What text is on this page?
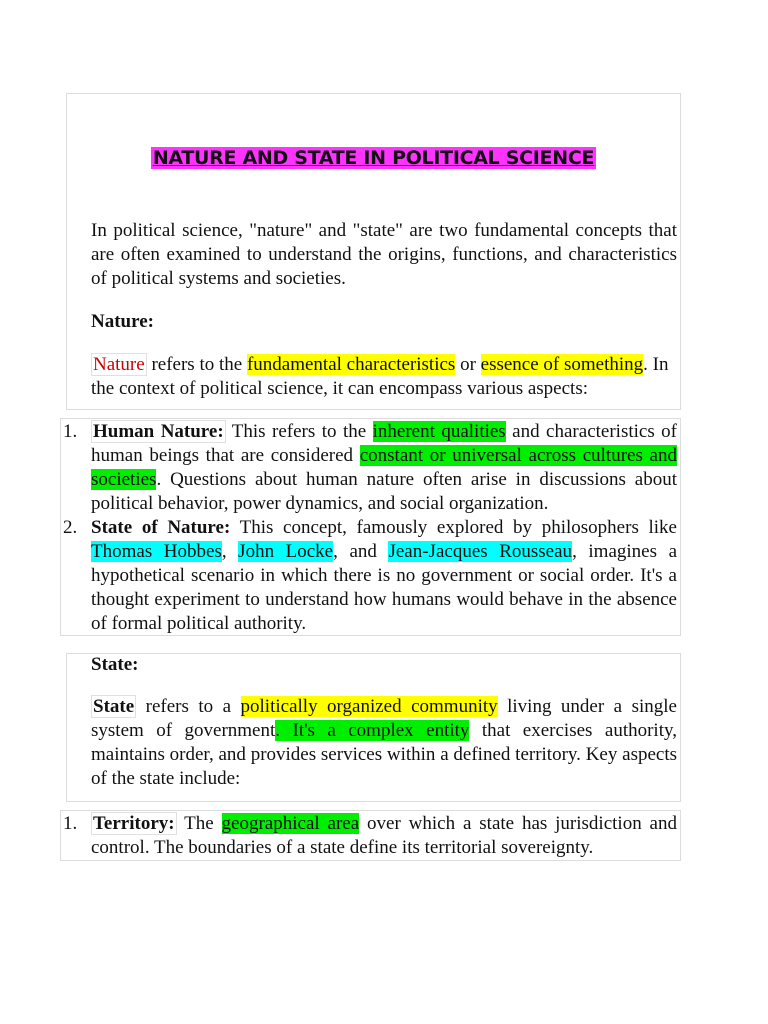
NATURE AND STATE IN POLITICAL SCIENCE

In political science, "nature" and "state" are two fundamental concepts that are often examined to understand the origins, functions, and characteristics of political systems and societies.

Nature:

Nature refers to the fundamental characteristics or essence of something. In the context of political science, it can encompass various aspects:

1. Human Nature: This refers to the inherent qualities and characteristics of human beings that are considered constant or universal across cultures and societies. Questions about human nature often arise in discussions about political behavior, power dynamics, and social organization.
2. State of Nature: This concept, famously explored by philosophers like Thomas Hobbes, John Locke, and Jean-Jacques Rousseau, imagines a hypothetical scenario in which there is no government or social order. It's a thought experiment to understand how humans would behave in the absence of formal political authority.
State:

State refers to a politically organized community living under a single system of government. It's a complex entity that exercises authority, maintains order, and provides services within a defined territory. Key aspects of the state include:

1. Territory: The geographical area over which a state has jurisdiction and control. The boundaries of a state define its territorial sovereignty.
